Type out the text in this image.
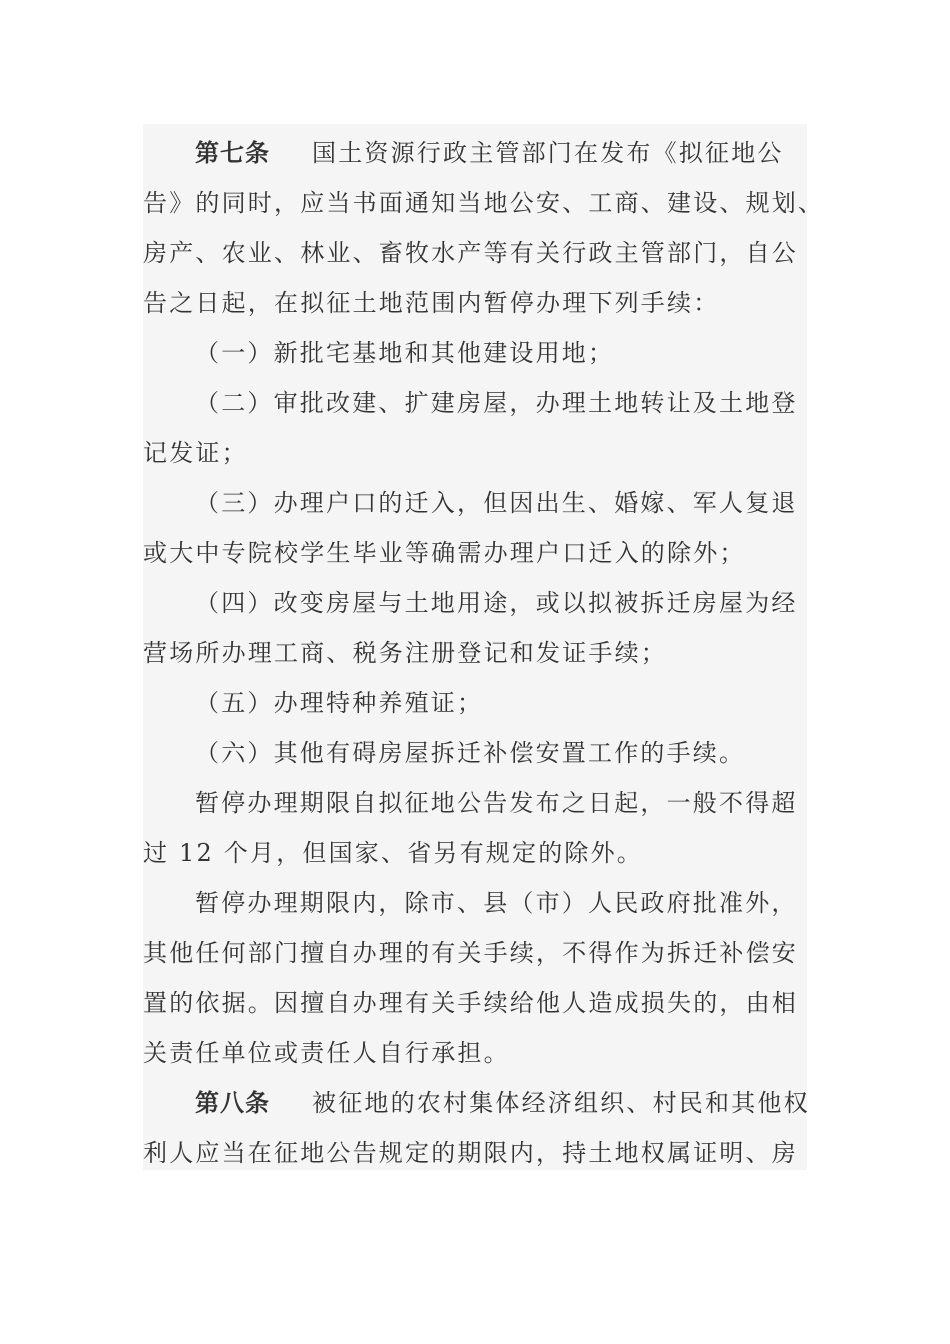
第七条 国土资源行政主管部门在发布《拟征地公
告》的同时，应当书面通知当地公安、工商、建设、规划、
房产、农业、林业、畜牧水产等有关行政主管部门，自公
告之日起，在拟征土地范围内暂停办理下列手续：
（一）新批宅基地和其他建设用地；
（二）审批改建、扩建房屋，办理土地转让及土地登
记发证；
（三）办理户口的迁入，但因出生、婚嫁、军人复退
或大中专院校学生毕业等确需办理户口迁入的除外；
（四）改变房屋与土地用途，或以拟被拆迁房屋为经
营场所办理工商、税务注册登记和发证手续；
（五）办理特种养殖证；
（六）其他有碍房屋拆迁补偿安置工作的手续。
暂停办理期限自拟征地公告发布之日起，一般不得超
过 12 个月，但国家、省另有规定的除外。
暂停办理期限内，除市、县（市）人民政府批准外，
其他任何部门擅自办理的有关手续，不得作为拆迁补偿安
置的依据。因擅自办理有关手续给他人造成损失的，由相
关责任单位或责任人自行承担。
第八条 被征地的农村集体经济组织、村民和其他权
利人应当在征地公告规定的期限内，持土地权属证明、房
